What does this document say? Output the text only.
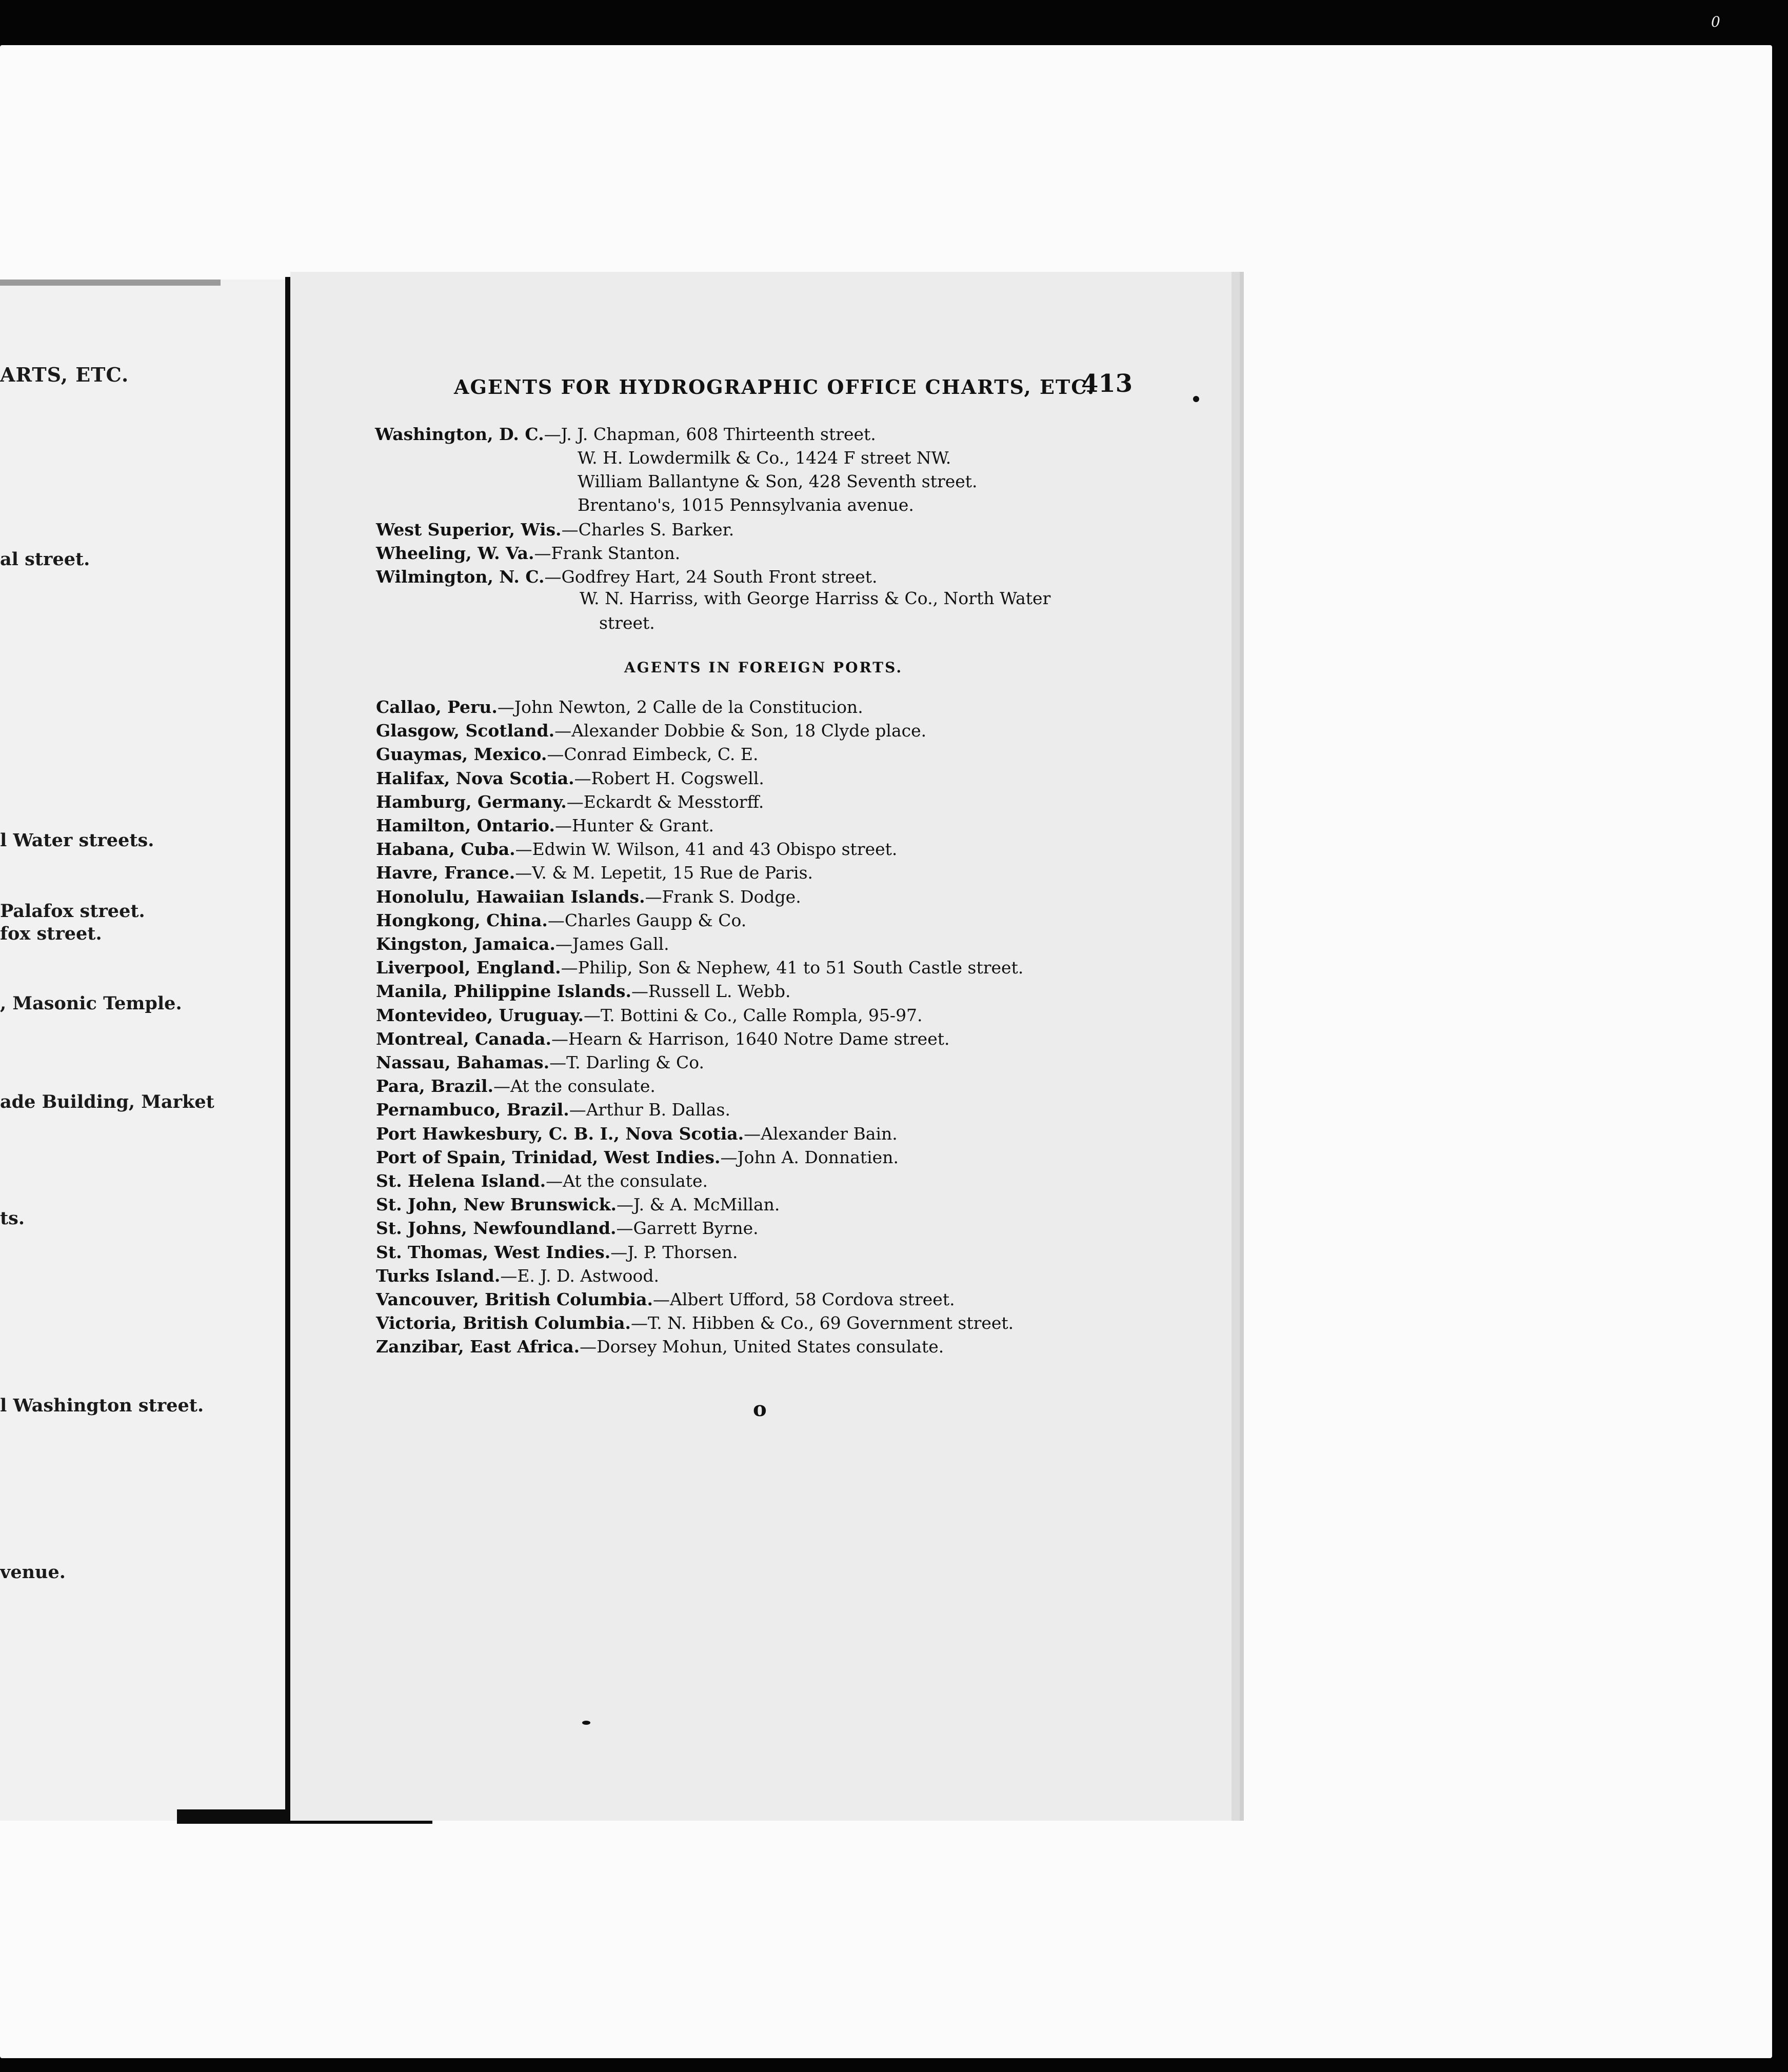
0
ARTS, ETC.
al street.
l Water streets.
Palafox street.
fox street.
, Masonic Temple.
ade Building, Market
ts.
l Washington street.
venue.
AGENTS FOR HYDROGRAPHIC OFFICE CHARTS, ETC.
413
Washington, D. C.—J. J. Chapman, 608 Thirteenth street.
W. H. Lowdermilk & Co., 1424 F street NW.
William Ballantyne & Son, 428 Seventh street.
Brentano's, 1015 Pennsylvania avenue.
West Superior, Wis.—Charles S. Barker.
Wheeling, W. Va.—Frank Stanton.
Wilmington, N. C.—Godfrey Hart, 24 South Front street.
W. N. Harriss, with George Harriss & Co., North Water
street.
AGENTS IN FOREIGN PORTS.
Callao, Peru.—John Newton, 2 Calle de la Constitucion.
Glasgow, Scotland.—Alexander Dobbie & Son, 18 Clyde place.
Guaymas, Mexico.—Conrad Eimbeck, C. E.
Halifax, Nova Scotia.—Robert H. Cogswell.
Hamburg, Germany.—Eckardt & Messtorff.
Hamilton, Ontario.—Hunter & Grant.
Habana, Cuba.—Edwin W. Wilson, 41 and 43 Obispo street.
Havre, France.—V. & M. Lepetit, 15 Rue de Paris.
Honolulu, Hawaiian Islands.—Frank S. Dodge.
Hongkong, China.—Charles Gaupp & Co.
Kingston, Jamaica.—James Gall.
Liverpool, England.—Philip, Son & Nephew, 41 to 51 South Castle street.
Manila, Philippine Islands.—Russell L. Webb.
Montevideo, Uruguay.—T. Bottini & Co., Calle Rompla, 95-97.
Montreal, Canada.—Hearn & Harrison, 1640 Notre Dame street.
Nassau, Bahamas.—T. Darling & Co.
Para, Brazil.—At the consulate.
Pernambuco, Brazil.—Arthur B. Dallas.
Port Hawkesbury, C. B. I., Nova Scotia.—Alexander Bain.
Port of Spain, Trinidad, West Indies.—John A. Donnatien.
St. Helena Island.—At the consulate.
St. John, New Brunswick.—J. & A. McMillan.
St. Johns, Newfoundland.—Garrett Byrne.
St. Thomas, West Indies.—J. P. Thorsen.
Turks Island.—E. J. D. Astwood.
Vancouver, British Columbia.—Albert Ufford, 58 Cordova street.
Victoria, British Columbia.—T. N. Hibben & Co., 69 Government street.
Zanzibar, East Africa.—Dorsey Mohun, United States consulate.
o
